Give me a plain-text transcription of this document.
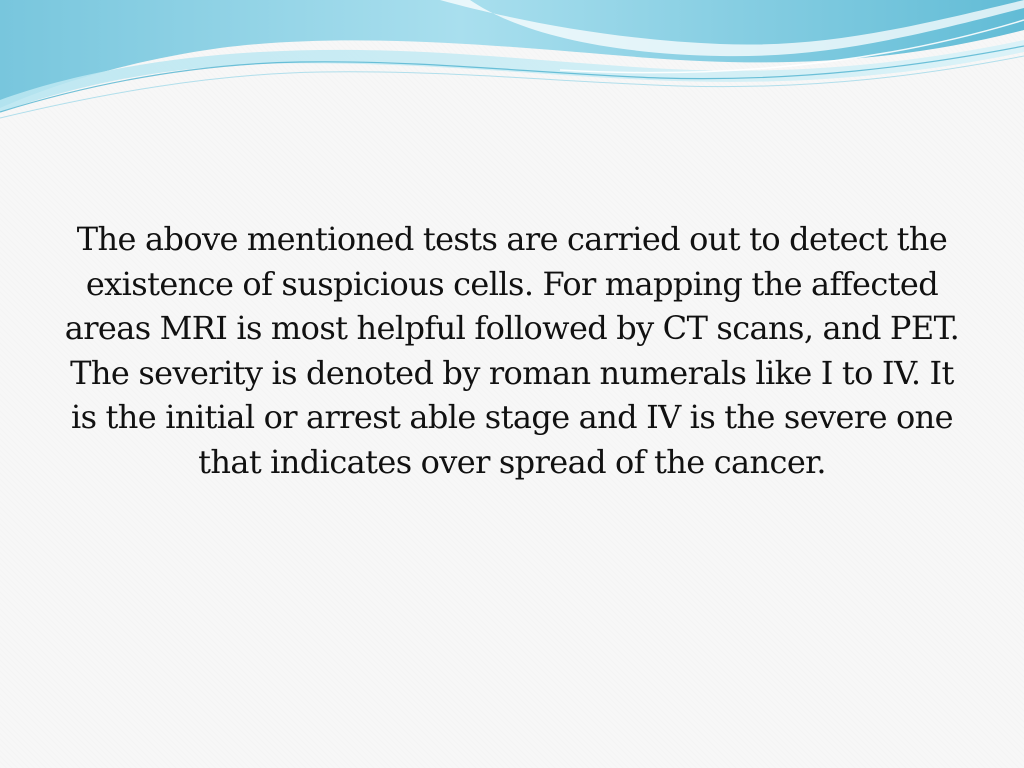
The above mentioned tests are carried out to detect the existence of suspicious cells. For mapping the affected areas MRI is most helpful followed by CT scans, and PET. The severity is denoted by roman numerals like I to IV. It is the initial or arrest able stage and IV is the severe one that indicates over spread of the cancer.
